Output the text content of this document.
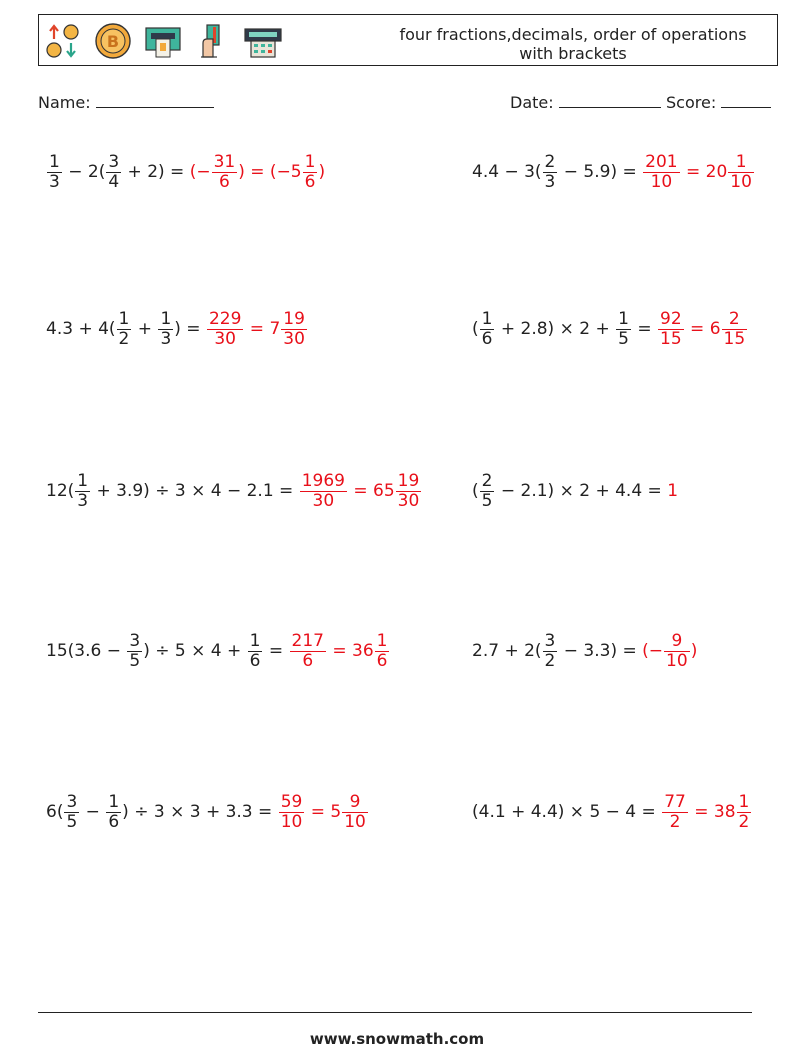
B	four fractions,decimals, order of operations with brackets
Name:	Date:	Score:
$\frac{1}{3} - 2( \frac{3}{4} + 2)$ = (− $\frac{31}{6}$ ) = ($-5 \frac{1}{6}$ )	$4.4 - 3( \frac{2}{3} - 5.9) = \frac{201}{10} = 20 \frac{1}{10}$
$4.3 + 4( \frac{1}{2} + \frac{1}{3}$ ) = $\frac{229}{30} = 7 \frac{19}{30}$	( $\frac{1}{6} + 2.8) \times 2 + \frac{1}{5} = \frac{92}{15} = 6 \frac{2}{15}$
$12( \frac{1}{3} + 3.9) \div 3 \times 4 - 2.1 = \frac{1969}{30} = 65 \frac{19}{30}$	( $\frac{2}{5} - 2.1) \times 2 + 4.4 = 1$
$15(3.6 - \frac{3}{5}$ ) ÷ $5 \times 4 + \frac{1}{6} = \frac{217}{6} = 36 \frac{1}{6}$	$2.7 + 2( \frac{3}{2} - 3.3)$ = (− $\frac{9}{10}$ )
$6( \frac{3}{5} - \frac{1}{6}$ ) ÷ $3 \times 3 + 3.3 = \frac{59}{10} = 5 \frac{9}{10}$	$(4.1 + 4.4) \times 5 - 4 = \frac{77}{2} = 38 \frac{1}{2}$
www.snowmath.com
